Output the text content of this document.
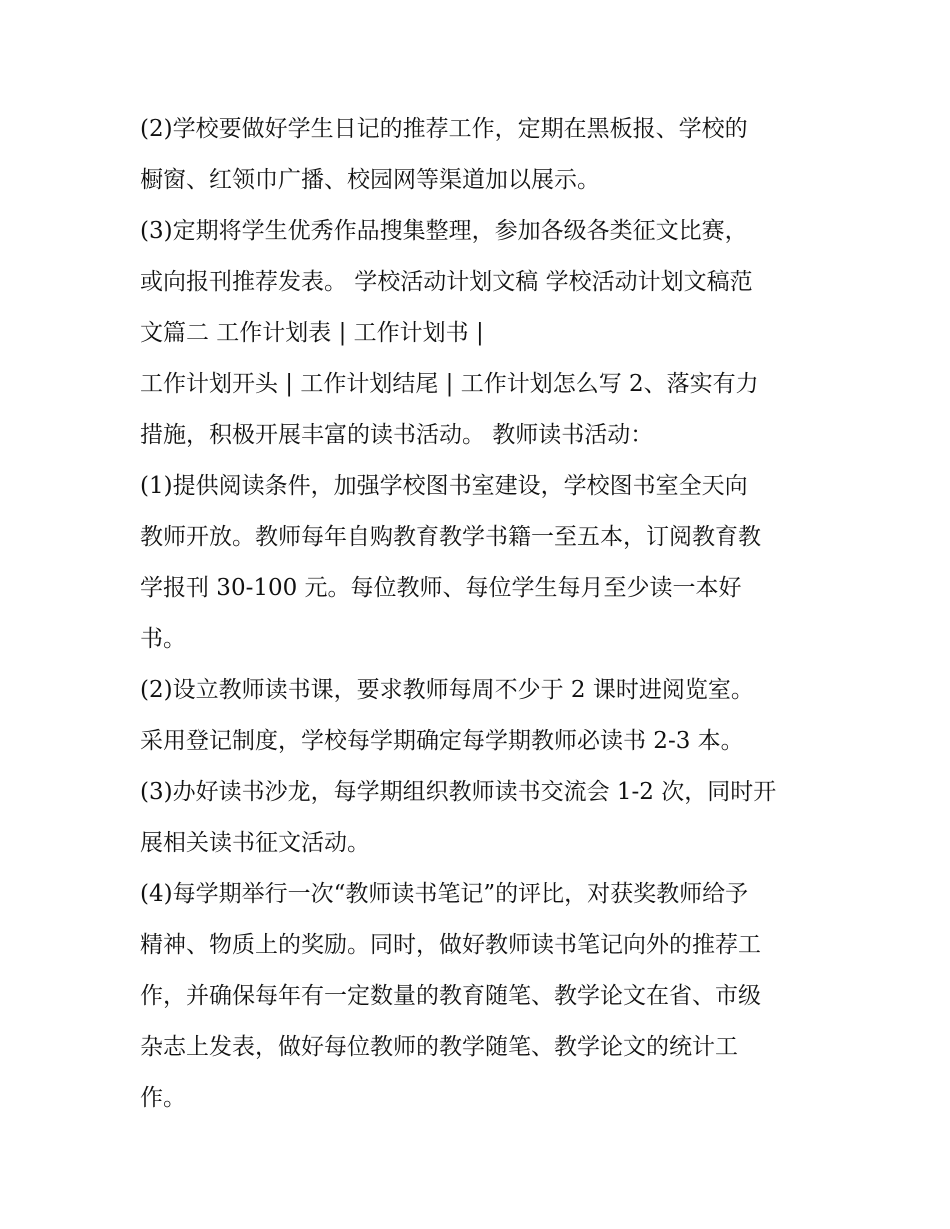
(2)学校要做好学生日记的推荐工作，定期在黑板报、学校的
橱窗、红领巾广播、校园网等渠道加以展示。
(3)定期将学生优秀作品搜集整理，参加各级各类征文比赛，
或向报刊推荐发表。 学校活动计划文稿 学校活动计划文稿范
文篇二 工作计划表 | 工作计划书 |
工作计划开头 | 工作计划结尾 | 工作计划怎么写 2、落实有力
措施，积极开展丰富的读书活动。 教师读书活动：
(1)提供阅读条件，加强学校图书室建设，学校图书室全天向
教师开放。教师每年自购教育教学书籍一至五本，订阅教育教
学报刊 30-100 元。每位教师、每位学生每月至少读一本好
书。
(2)设立教师读书课，要求教师每周不少于 2 课时进阅览室。
采用登记制度，学校每学期确定每学期教师必读书 2-3 本。
(3)办好读书沙龙，每学期组织教师读书交流会 1-2 次，同时开
展相关读书征文活动。
(4)每学期举行一次“教师读书笔记”的评比，对获奖教师给予
精神、物质上的奖励。同时，做好教师读书笔记向外的推荐工
作，并确保每年有一定数量的教育随笔、教学论文在省、市级
杂志上发表，做好每位教师的教学随笔、教学论文的统计工
作。
